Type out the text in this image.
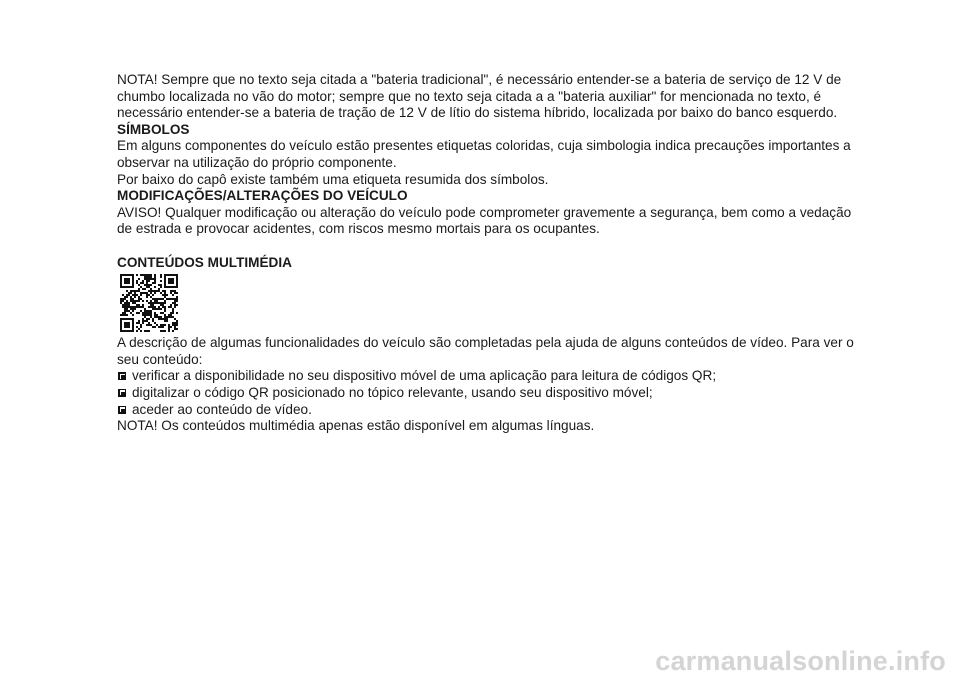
NOTA! Sempre que no texto seja citada a "bateria tradicional", é necessário entender-se a bateria de serviço de 12 V de chumbo localizada no vão do motor; sempre que no texto seja citada a a "bateria auxiliar" for mencionada no texto, é necessário entender-se a bateria de tração de 12 V de lítio do sistema híbrido, localizada por baixo do banco esquerdo.

SÍMBOLOS

Em alguns componentes do veículo estão presentes etiquetas coloridas, cuja simbologia indica precauções importantes a observar na utilização do próprio componente.

Por baixo do capô existe também uma etiqueta resumida dos símbolos.

MODIFICAÇÕES/ALTERAÇÕES DO VEÍCULO

AVISO! Qualquer modificação ou alteração do veículo pode comprometer gravemente a segurança, bem como a vedação de estrada e provocar acidentes, com riscos mesmo mortais para os ocupantes.

CONTEÚDOS MULTIMÉDIA

A descrição de algumas funcionalidades do veículo são completadas pela ajuda de alguns conteúdos de vídeo. Para ver o seu conteúdo:

verificar a disponibilidade no seu dispositivo móvel de uma aplicação para leitura de códigos QR;
digitalizar o código QR posicionado no tópico relevante, usando seu dispositivo móvel;
aceder ao conteúdo de vídeo.

NOTA! Os conteúdos multimédia apenas estão disponível em algumas línguas.

carmanualsonline.info
